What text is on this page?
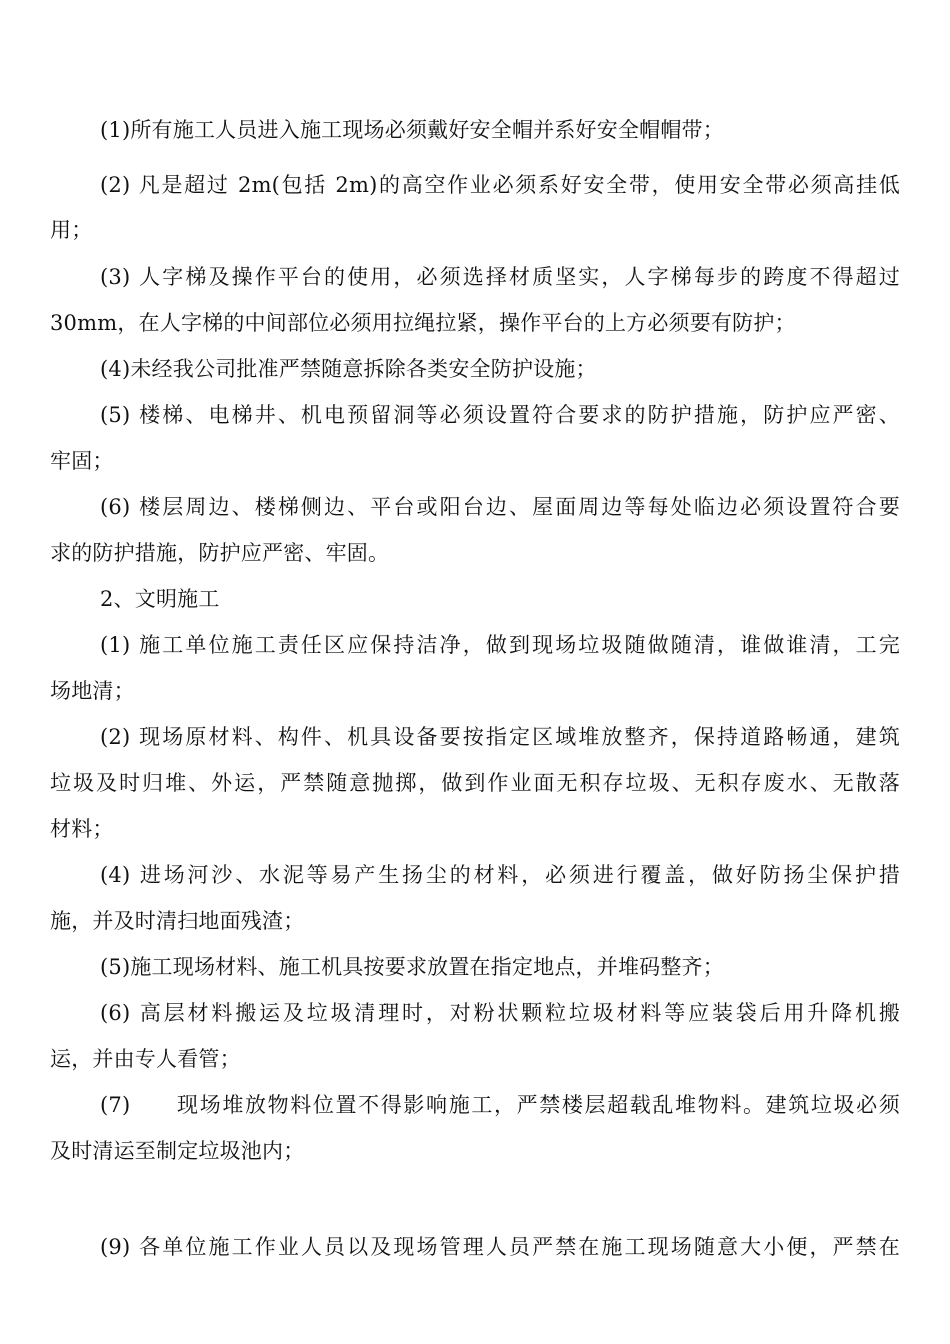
(1)所有施工人员进入施工现场必须戴好安全帽并系好安全帽帽带；
(2) 凡是超过 2m(包括 2m)的高空作业必须系好安全带，使用安全带必须高挂低
用；
(3) 人字梯及操作平台的使用，必须选择材质坚实，人字梯每步的跨度不得超过
30mm，在人字梯的中间部位必须用拉绳拉紧，操作平台的上方必须要有防护；
(4)未经我公司批准严禁随意拆除各类安全防护设施；
(5) 楼梯、电梯井、机电预留洞等必须设置符合要求的防护措施，防护应严密、
牢固；
(6) 楼层周边、楼梯侧边、平台或阳台边、屋面周边等每处临边必须设置符合要
求的防护措施，防护应严密、牢固。
2、文明施工
(1) 施工单位施工责任区应保持洁净，做到现场垃圾随做随清，谁做谁清，工完
场地清；
(2) 现场原材料、构件、机具设备要按指定区域堆放整齐，保持道路畅通，建筑
垃圾及时归堆、外运，严禁随意抛掷，做到作业面无积存垃圾、无积存废水、无散落
材料；
(4) 进场河沙、水泥等易产生扬尘的材料，必须进行覆盖，做好防扬尘保护措
施，并及时清扫地面残渣；
(5)施工现场材料、施工机具按要求放置在指定地点，并堆码整齐；
(6) 高层材料搬运及垃圾清理时，对粉状颗粒垃圾材料等应装袋后用升降机搬
运，并由专人看管；
(7)　　现场堆放物料位置不得影响施工，严禁楼层超载乱堆物料。建筑垃圾必须
及时清运至制定垃圾池内；
(9) 各单位施工作业人员以及现场管理人员严禁在施工现场随意大小便，严禁在
